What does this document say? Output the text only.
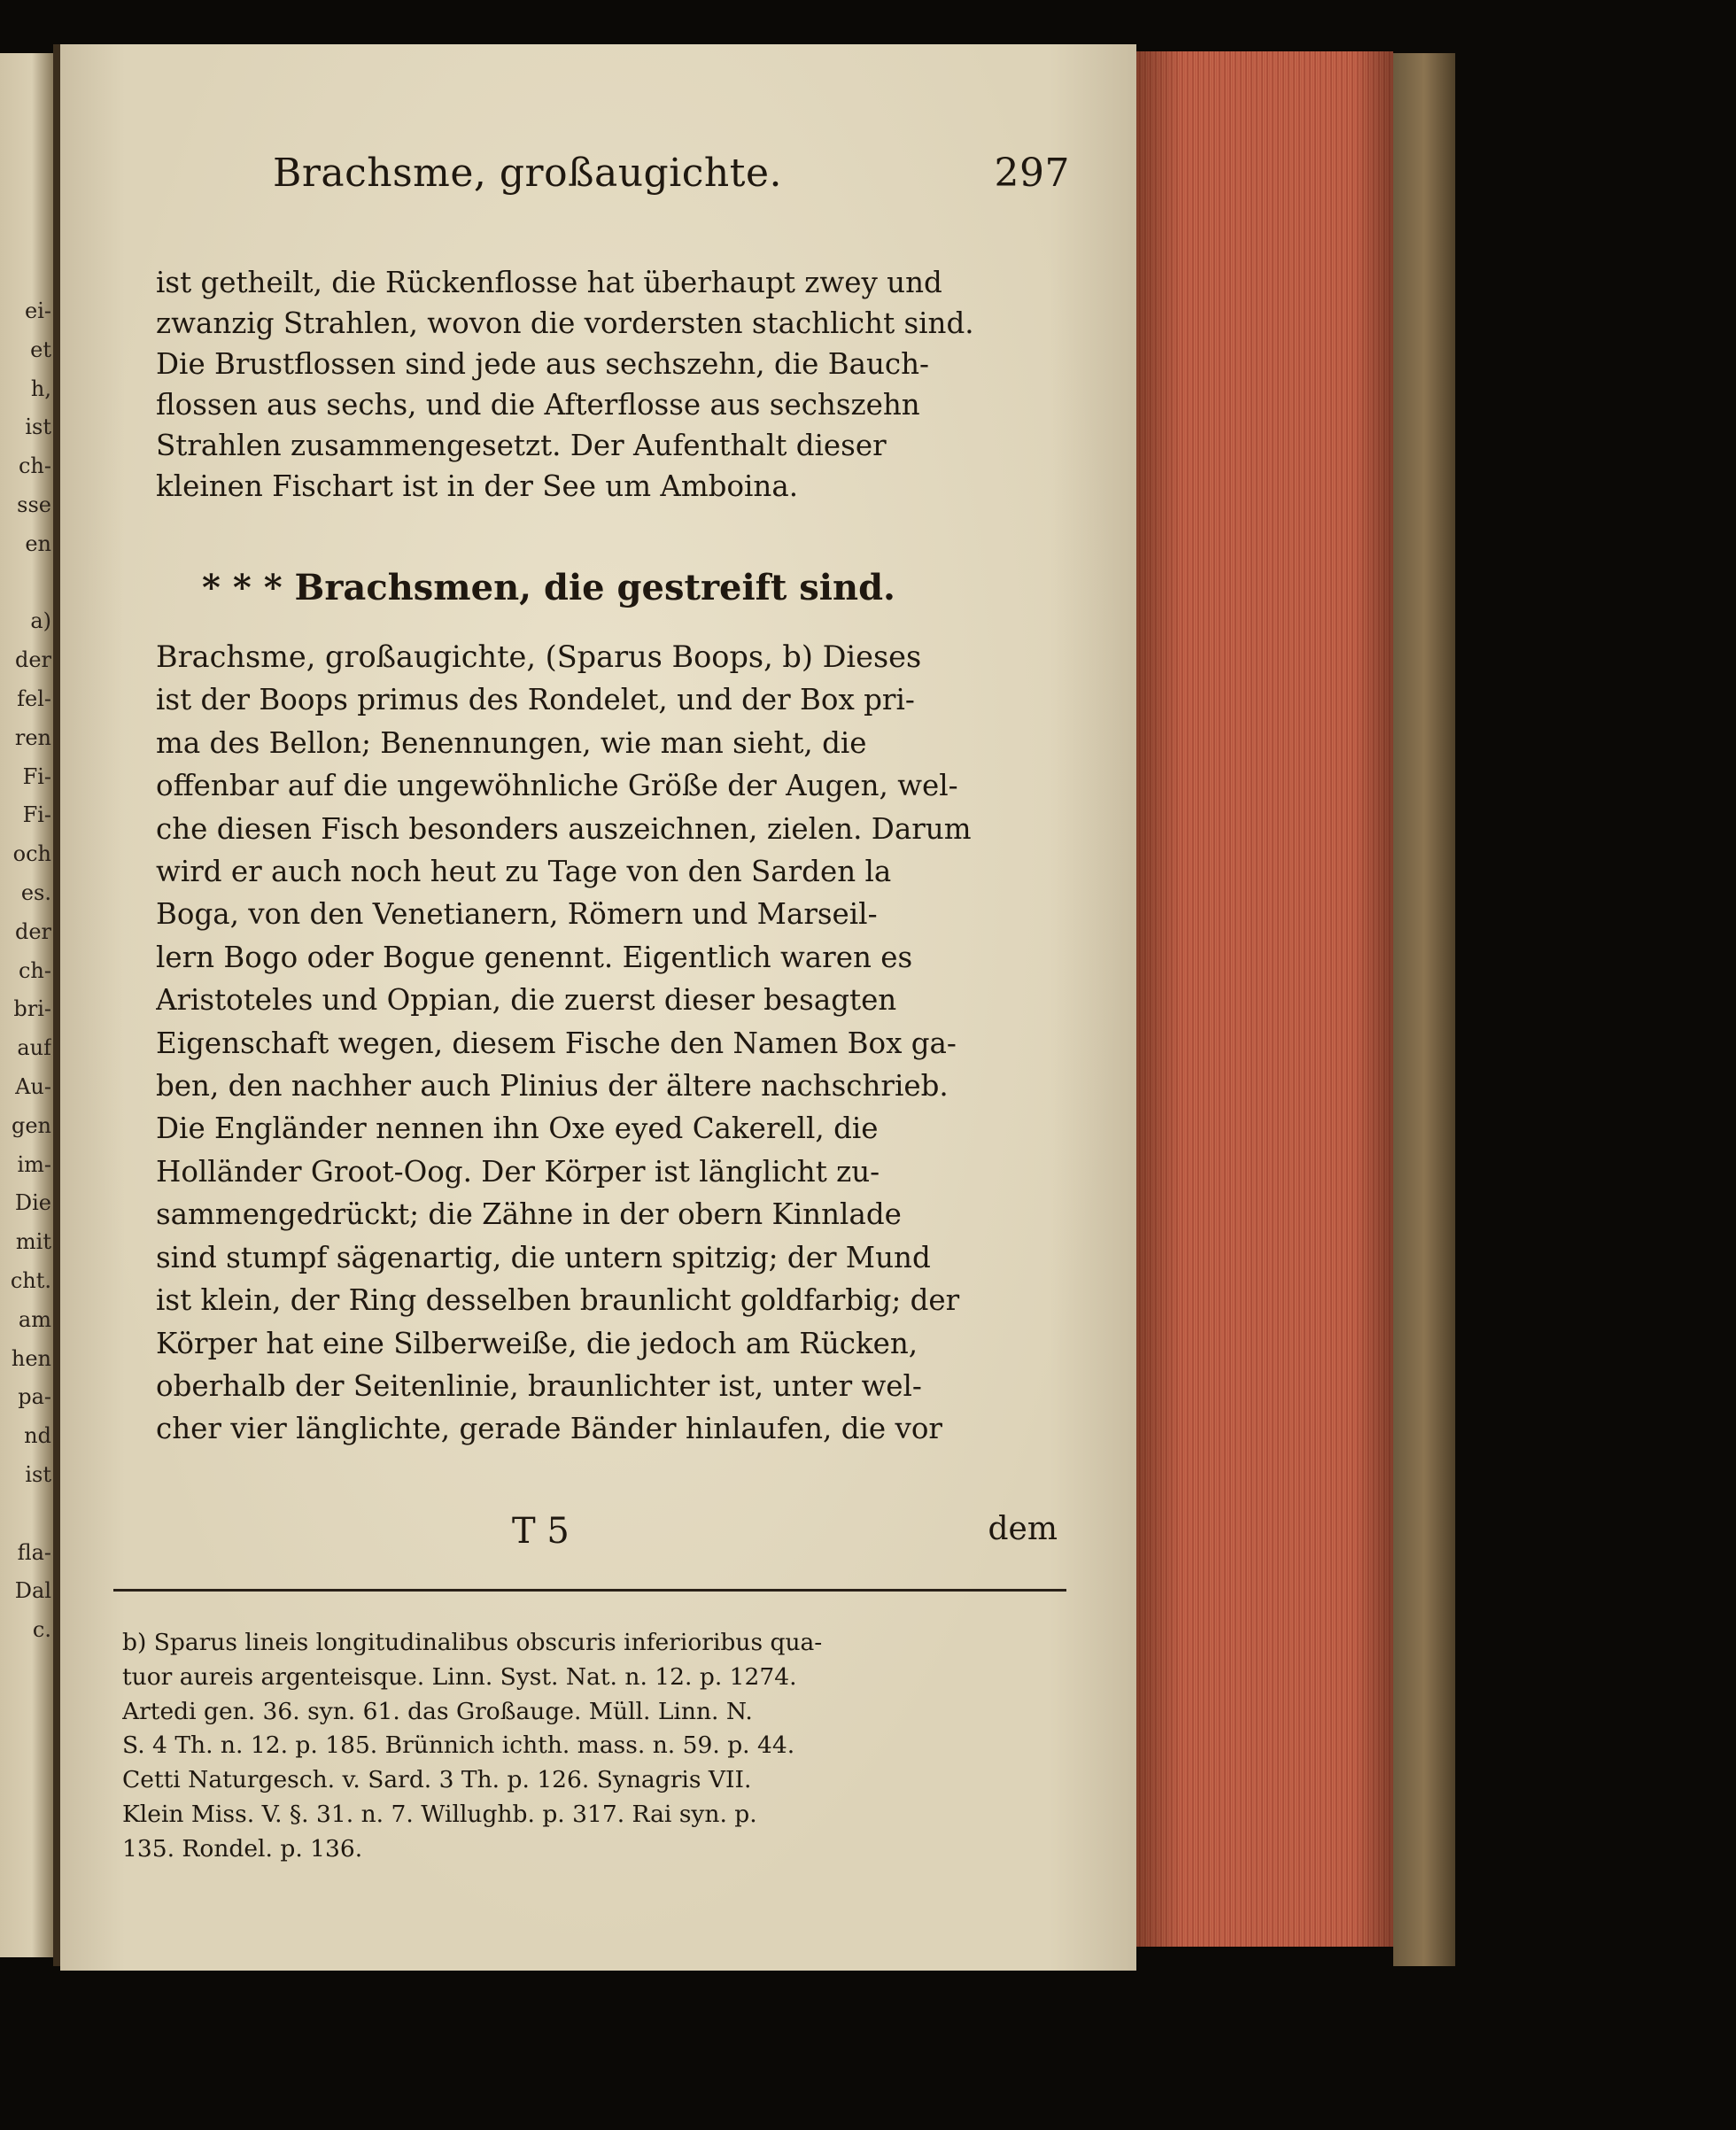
ei-
et
h,
ist
ch-
sse
en
a)
der
fel-
ren
Fi-
Fi-
och
es.
der
ch-
bri-
auf
Au-
gen
im-
Die
mit
cht.
am
hen
pa-
nd
ist
fla-
Dal
c.
Brachsme, großaugichte.	297
ist getheilt, die Rückenflosse hat überhaupt zwey und
zwanzig Strahlen, wovon die vordersten stachlicht sind.
Die Brustflossen sind jede aus sechszehn, die Bauch-
flossen aus sechs, und die Afterflosse aus sechszehn
Strahlen zusammengesetzt. Der Aufenthalt dieser
kleinen Fischart ist in der See um Amboina.
* * * Brachsmen, die gestreift sind.
Brachsme, großaugichte, (Sparus Boops, b) Dieses
ist der Boops primus des Rondelet, und der Box pri-
ma des Bellon; Benennungen, wie man sieht, die
offenbar auf die ungewöhnliche Größe der Augen, wel-
che diesen Fisch besonders auszeichnen, zielen. Darum
wird er auch noch heut zu Tage von den Sarden la
Boga, von den Venetianern, Römern und Marseil-
lern Bogo oder Bogue genennt. Eigentlich waren es
Aristoteles und Oppian, die zuerst dieser besagten
Eigenschaft wegen, diesem Fische den Namen Box ga-
ben, den nachher auch Plinius der ältere nachschrieb.
Die Engländer nennen ihn Oxe eyed Cakerell, die
Holländer Groot-Oog. Der Körper ist länglicht zu-
sammengedrückt; die Zähne in der obern Kinnlade
sind stumpf sägenartig, die untern spitzig; der Mund
ist klein, der Ring desselben braunlicht goldfarbig; der
Körper hat eine Silberweiße, die jedoch am Rücken,
oberhalb der Seitenlinie, braunlichter ist, unter wel-
cher vier länglichte, gerade Bänder hinlaufen, die vor
T 5	dem
b) Sparus lineis longitudinalibus obscuris inferioribus qua-
tuor aureis argenteisque. Linn. Syst. Nat. n. 12. p. 1274.
Artedi gen. 36. syn. 61. das Großauge. Müll. Linn. N.
S. 4 Th. n. 12. p. 185. Brünnich ichth. mass. n. 59. p. 44.
Cetti Naturgesch. v. Sard. 3 Th. p. 126. Synagris VII.
Klein Miss. V. §. 31. n. 7. Willughb. p. 317. Rai syn. p.
135. Rondel. p. 136.
